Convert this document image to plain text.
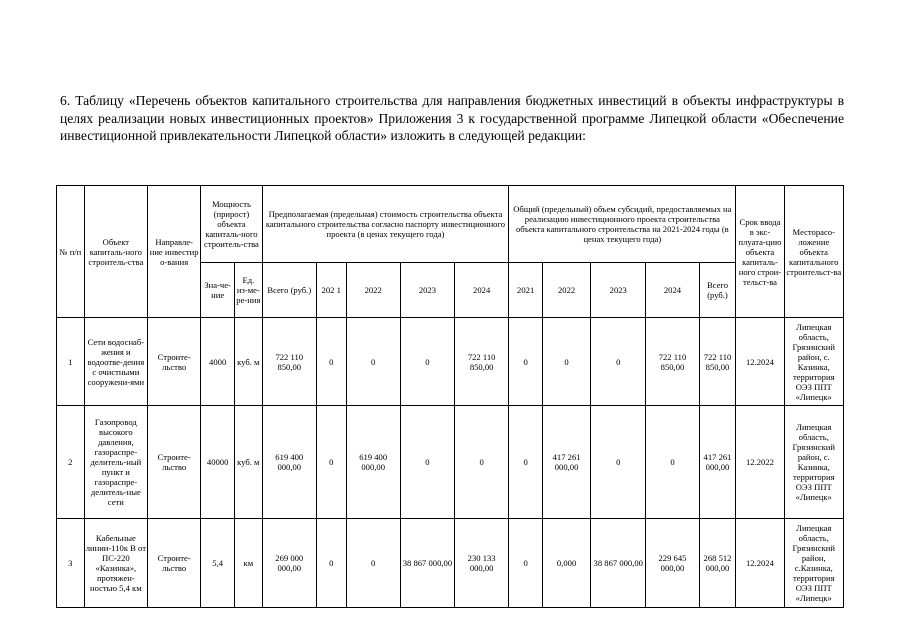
6. Таблицу «Перечень объектов капитального строительства для направления бюджетных инвестиций в объекты инфраструктуры в целях реализации новых инвестиционных проектов» Приложения 3 к государственной программе Липецкой области «Обеспечение инвестиционной привлекательности Липецкой области» изложить в следующей редакции:

№ п/п	Объект капиталь-ного строитель-ства	Направле-ние инвестир о-вания	Мощность (прирост) объекта капиталь-ного строитель-ства		Предполагаемая (предельная) стоимость строительства объекта капитального строительства согласно паспорту инвестиционного проекта (в ценах текущего года)					Общий (предельный) объем субсидий, предоставляемых на реализацию инвестиционного проекта строительства объекта капитального строительства на 2021-2024 годы (в ценах текущего года)					Срок ввода в экс-плуата-цию объекта капиталь-ного строи-тельст-ва	Месторасо-ложение объекта капитального строительст-ва
			Зна-че-ние	Ед. из-ме-ре-ния	Всего (руб.)	202 1	2022	2023	2024	2021	2022	2023	2024	Всего (руб.)		
1	Сети водоснаб-жения и водоотве-дения с очистными сооружени-ями	Строите-льство	4000	куб. м	722 110 850,00	0	0	0	722 110 850,00	0	0	0	722 110 850,00	722 110 850,00	12.2024	Липецкая область, Грязинский район, с. Казинка, территория ОЭЗ ППТ «Липецк»
2	Газопровод высокого давления, газораспре-делитель-ный пункт и газораспре-делитель-ные сети	Строите-льство	40000	куб. м	619 400 000,00	0	619 400 000,00	0	0	0	417 261 000,00	0	0	417 261 000,00	12.2022	Липецкая область, Грязинский район, с. Казинка, территория ОЭЗ ППТ «Липецк»
3	Кабельные линии-110к В от ПС-220 «Казинка», протяжен-ностью 5,4 км	Строите-льство	5,4	км	269 000 000,00	0	0	38 867 000,00	230 133 000,00	0	0,000	38 867 000,00	229 645 000,00	268 512 000,00	12.2024	Липецкая область, Грязинский район, с.Казинка, территория ОЭЗ ППТ «Липецк»
